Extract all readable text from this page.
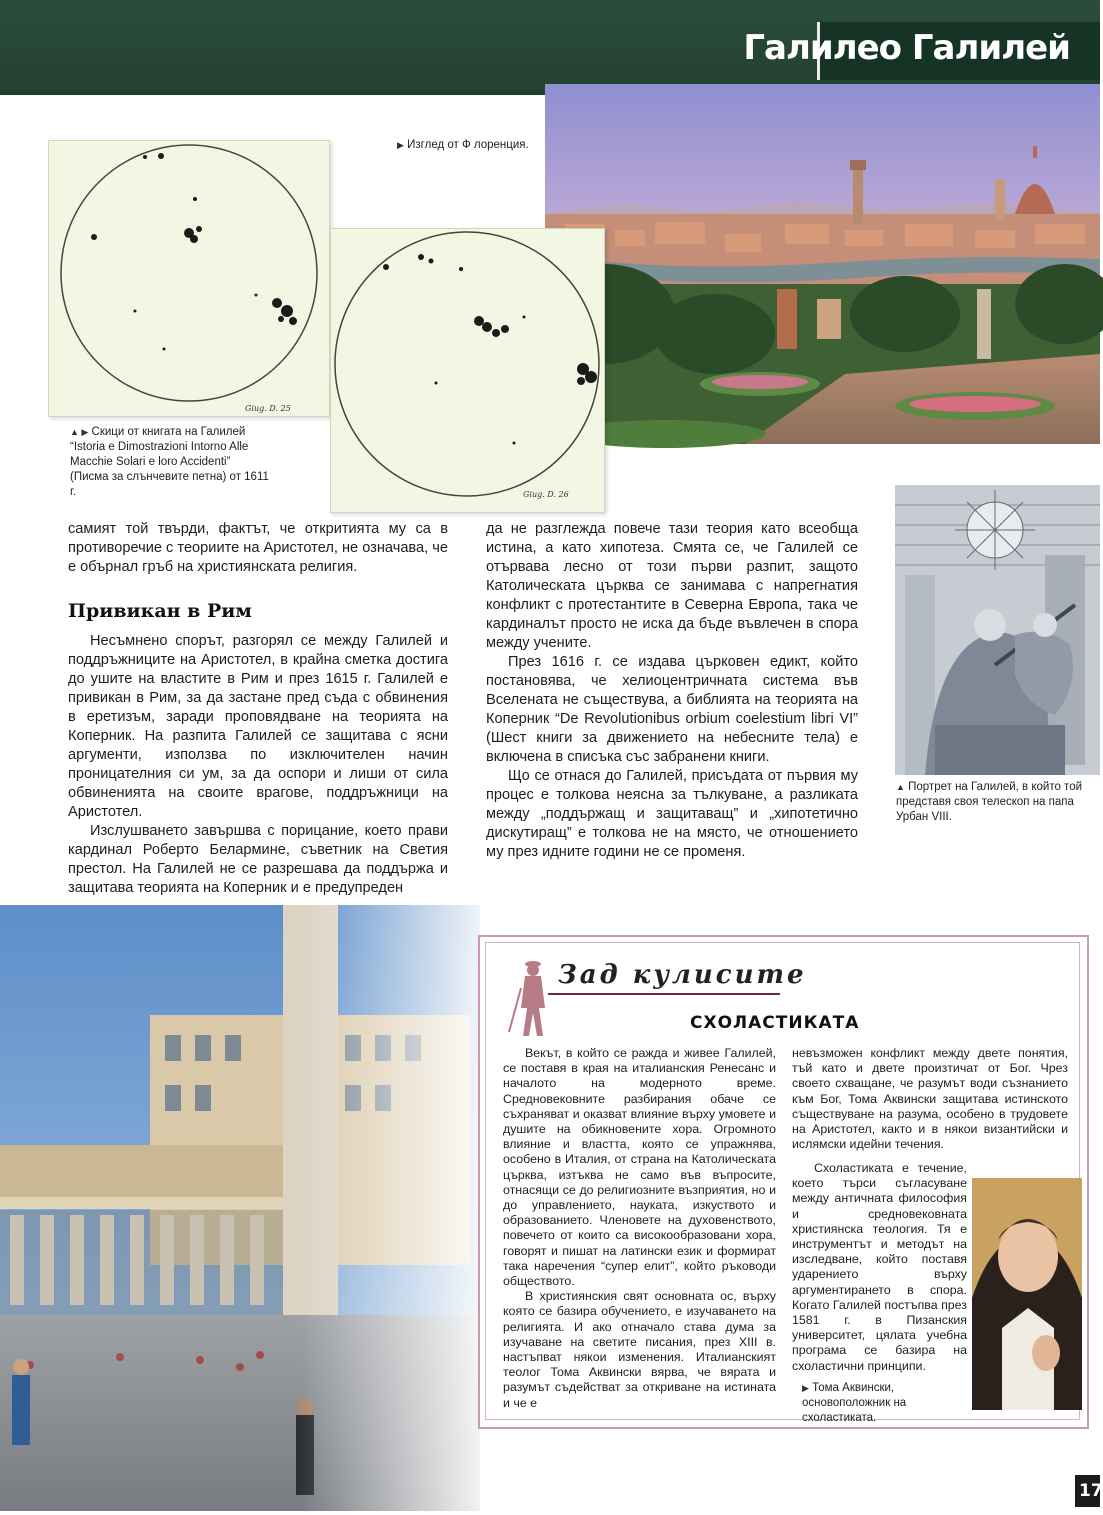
Галилео Галилей
▶ Изглед от Ф лоренция.
Giug. D. 25
Giug. D. 26
▲ ▶ Скици от книгата на Галилей “Istoria e Dimostrazioni Intorno Alle Macchie Solari e loro Accidenti” (Писма за слънчевите петна) от 1611 г.
самият той твърди, фактът, че откритията му са в противоречие с теориите на Аристотел, не означава, че е обърнал гръб на християнската религия.
Привикан в Рим

Несъмнено спорът, разгорял се между Галилей и поддръжниците на Аристотел, в крайна сметка достига до ушите на властите в Рим и през 1615 г. Галилей е привикан в Рим, за да застане пред съда с обвинения в еретизъм, заради проповядване на теорията на Коперник. На разпита Галилей се защитава с ясни аргументи, използва по изключителен начин проницателния си ум, за да оспори и лиши от сила обвиненията на своите врагове, поддръжници на Аристотел.

Изслушването завършва с порицание, което прави кардинал Роберто Беларминe, съветник на Светия престол. На Галилей не се разрешава да поддържа и защитава теорията на Коперник и е предупреден

да не разглежда повече тази теория като всеобща истина, а като хипотеза. Смята се, че Галилей се отървава лесно от този първи разпит, защото Католическата църква се занимава с напрегнатия конфликт с протестантите в Северна Европа, така че кардиналът просто не иска да бъде въвлечен в спора между учените.

През 1616 г. се издава църковен едикт, който постановява, че хелиоцентричната система във Вселената не съществува, а библията на теорията на Коперник “De Revolutionibus orbium coelestium libri VI” (Шест книги за движението на небесните тела) е включена в списъка със забранени книги.

Що се отнася до Галилей, присъдата от първия му процес е толкова неясна за тълкуване, а разликата между „поддържащ и защитаващ” и „хипотетично дискутиращ” е толкова не на място, че отношението му през идните години не се променя.

▲ Портрет на Галилей, в който той представя своя телескоп на папа Урбан VIII.
Зад кулисите
СХОЛАСТИКАТА

Векът, в който се ражда и живее Галилей, се поставя в края на италианския Ренесанс и началото на модерното време. Средновековните разбирания обаче се съхраняват и оказват влияние върху умовете и душите на обикновените хора. Огромното влияние и властта, която се упражнява, особено в Италия, от страна на Католическата църква, изтъква не само във въпросите, отнасящи се до религиозните възприятия, но и до управлението, науката, изкуството и образованието. Членовете на духовенството, повечето от които са високообразовани хора, говорят и пишат на латински език и формират така наречения “супер елит”, който ръководи обществото.

В християнския свят основната ос, върху която се базира обучението, е изучаването на религията. И ако отначало става дума за изучаване на светите писания, през XIII в. настъпват някои изменения. Италианският теолог Тома Аквински вярва, че вярата и разумът съдействат за откриване на истината и че е

невъзможен конфликт между двете понятия, тъй като и двете произтичат от Бог. Чрез своето схващане, че разумът води съзнанието към Бог, Тома Аквински защитава истинското съществуване на разума, особено в трудовете на Аристотел, както и в някои византийски и ислямски идейни течения.
Схоластиката е течение, което търси съгласуване между античната философия и средновековната християнска теология. Тя е инструментът и методът на изследване, който поставя ударението върху аргументирането в спора. Когато Галилей постъпва през 1581 г. в Пизанския университет, цялата учебна програма се базира на схоластични принципи.
▶ Тома Аквински, основоположник на схоластиката.
17
